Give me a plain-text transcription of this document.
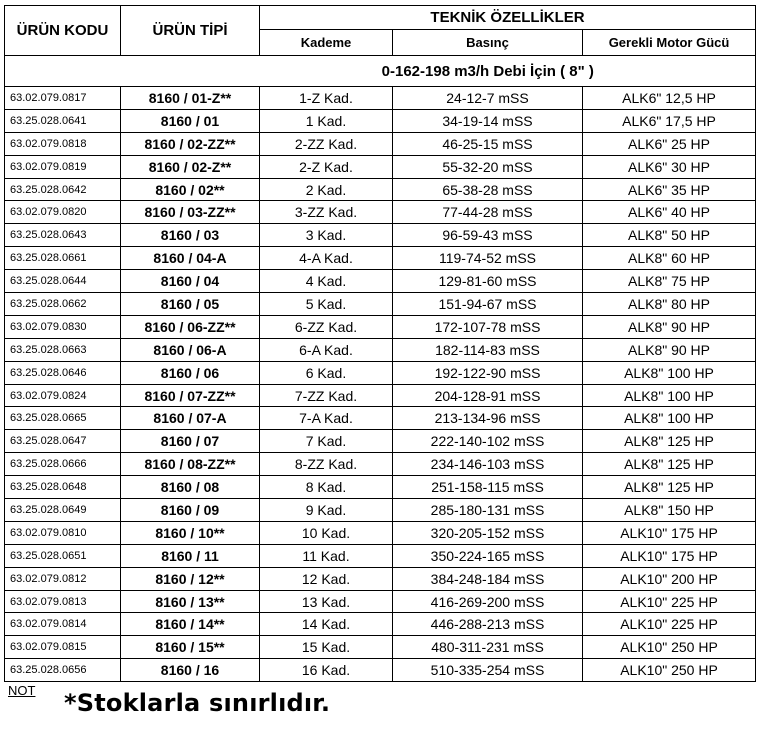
ÜRÜN KODU	ÜRÜN TİPİ	TEKNİK ÖZELLİKLER		
		Kademe	Basınç	Gerekli Motor Gücü
	0-162-198 m3/h Debi İçin ( 8" )			
63.02.079.0817	8160 / 01-Z**	1-Z Kad.	24-12-7 mSS	ALK6" 12,5 HP
63.25.028.0641	8160 / 01	1 Kad.	34-19-14 mSS	ALK6" 17,5 HP
63.02.079.0818	8160 / 02-ZZ**	2-ZZ Kad.	46-25-15 mSS	ALK6" 25 HP
63.02.079.0819	8160 / 02-Z**	2-Z Kad.	55-32-20 mSS	ALK6" 30 HP
63.25.028.0642	8160 / 02**	2 Kad.	65-38-28 mSS	ALK6" 35 HP
63.02.079.0820	8160 / 03-ZZ**	3-ZZ Kad.	77-44-28 mSS	ALK6" 40 HP
63.25.028.0643	8160 / 03	3 Kad.	96-59-43 mSS	ALK8" 50 HP
63.25.028.0661	8160 / 04-A	4-A Kad.	119-74-52 mSS	ALK8" 60 HP
63.25.028.0644	8160 / 04	4 Kad.	129-81-60 mSS	ALK8" 75 HP
63.25.028.0662	8160 / 05	5 Kad.	151-94-67 mSS	ALK8" 80 HP
63.02.079.0830	8160 / 06-ZZ**	6-ZZ Kad.	172-107-78 mSS	ALK8" 90 HP
63.25.028.0663	8160 / 06-A	6-A Kad.	182-114-83 mSS	ALK8" 90 HP
63.25.028.0646	8160 / 06	6 Kad.	192-122-90 mSS	ALK8" 100 HP
63.02.079.0824	8160 / 07-ZZ**	7-ZZ Kad.	204-128-91 mSS	ALK8" 100 HP
63.25.028.0665	8160 / 07-A	7-A Kad.	213-134-96 mSS	ALK8" 100 HP
63.25.028.0647	8160 / 07	7 Kad.	222-140-102 mSS	ALK8" 125 HP
63.25.028.0666	8160 / 08-ZZ**	8-ZZ Kad.	234-146-103 mSS	ALK8" 125 HP
63.25.028.0648	8160 / 08	8 Kad.	251-158-115 mSS	ALK8" 125 HP
63.25.028.0649	8160 / 09	9 Kad.	285-180-131 mSS	ALK8" 150 HP
63.02.079.0810	8160 / 10**	10 Kad.	320-205-152 mSS	ALK10" 175 HP
63.25.028.0651	8160 / 11	11 Kad.	350-224-165 mSS	ALK10" 175 HP
63.02.079.0812	8160 / 12**	12 Kad.	384-248-184 mSS	ALK10" 200 HP
63.02.079.0813	8160 / 13**	13 Kad.	416-269-200 mSS	ALK10" 225 HP
63.02.079.0814	8160 / 14**	14 Kad.	446-288-213 mSS	ALK10" 225 HP
63.02.079.0815	8160 / 15**	15 Kad.	480-311-231 mSS	ALK10" 250 HP
63.25.028.0656	8160 / 16	16 Kad.	510-335-254 mSS	ALK10" 250 HP
NOT *Stoklarla sınırlıdır.
